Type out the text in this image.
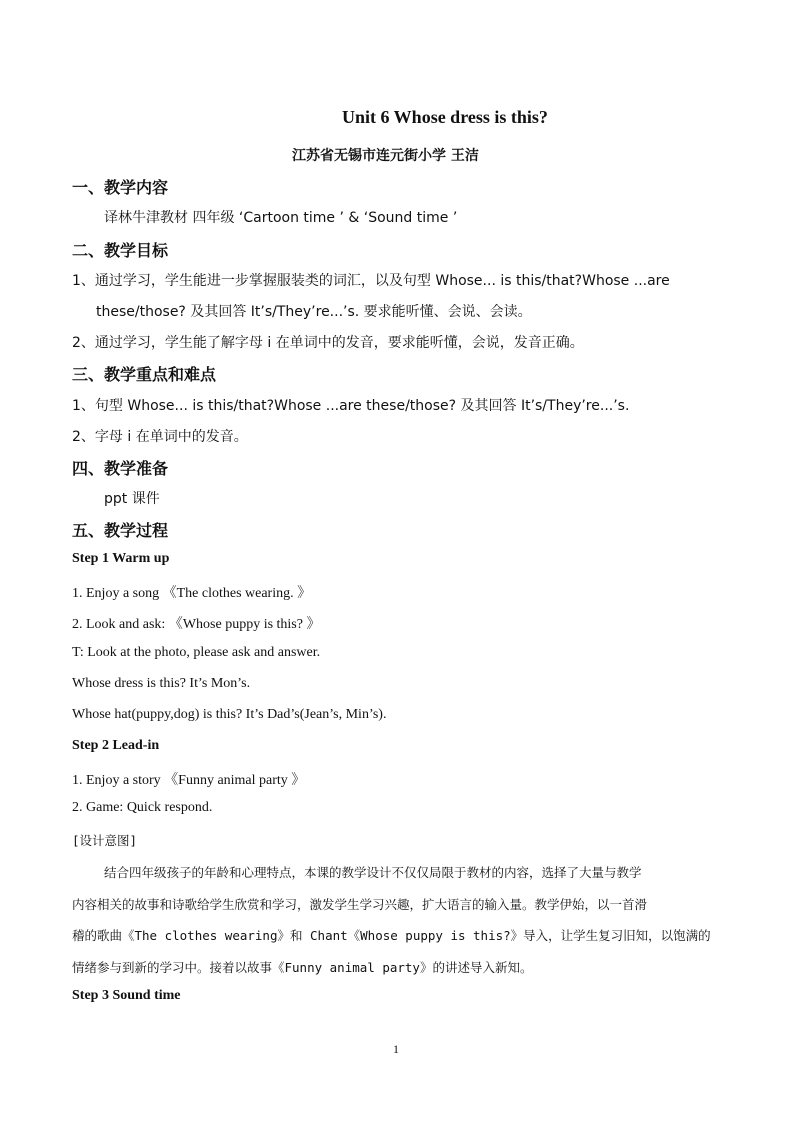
Unit 6 Whose dress is this?
江苏省无锡市连元街小学 王洁
一、教学内容
译林牛津教材 四年级 ‘Cartoon time ’ & ‘Sound time ’
二、教学目标
1、通过学习，学生能进一步掌握服装类的词汇，以及句型 Whose... is this/that?Whose ...are
these/those? 及其回答 It’s/They’re...’s. 要求能听懂、会说、会读。
2、通过学习，学生能了解字母 i 在单词中的发音，要求能听懂，会说，发音正确。
三、教学重点和难点
1、句型 Whose... is this/that?Whose ...are these/those? 及其回答 It’s/They’re...’s.
2、字母 i 在单词中的发音。
四、教学准备
ppt 课件
五、教学过程
Step 1 Warm up
1. Enjoy a song 《The clothes wearing. 》
2. Look and ask: 《Whose puppy is this? 》
T: Look at the photo, please ask and answer.
Whose dress is this? It’s Mon’s.
Whose hat(puppy,dog) is this? It’s Dad’s(Jean’s, Min’s).
Step 2 Lead-in
1. Enjoy a story 《Funny animal party 》
2. Game: Quick respond.
[设计意图]
结合四年级孩子的年龄和心理特点，本课的教学设计不仅仅局限于教材的内容，选择了大量与教学
内容相关的故事和诗歌给学生欣赏和学习，激发学生学习兴趣，扩大语言的输入量。教学伊始，以一首滑
稽的歌曲《The clothes wearing》和 Chant《Whose puppy is this?》导入，让学生复习旧知，以饱满的
情绪参与到新的学习中。接着以故事《Funny animal party》的讲述导入新知。
Step 3 Sound time
1
